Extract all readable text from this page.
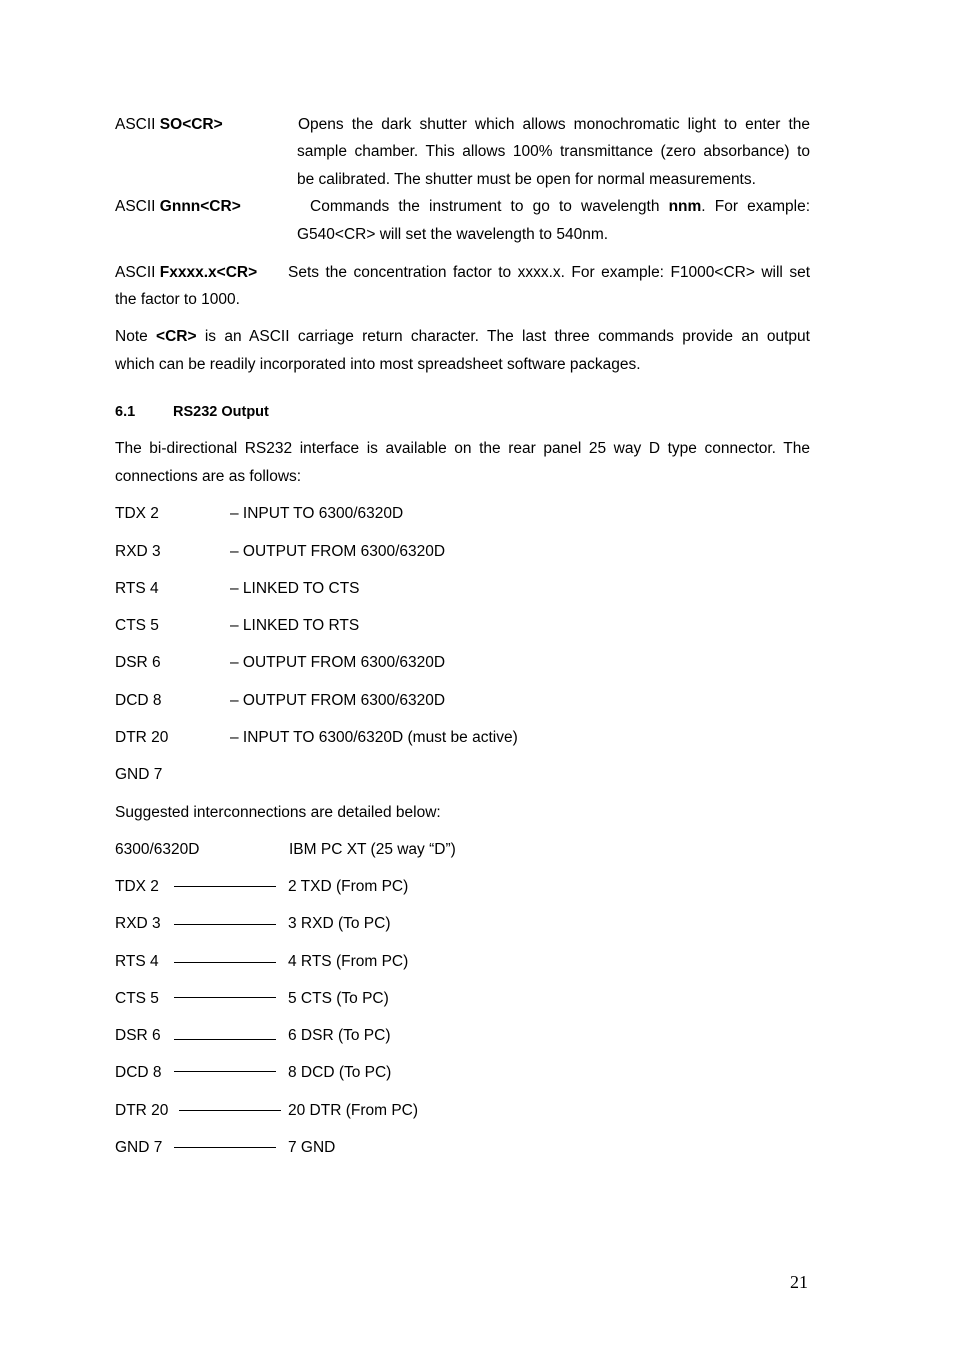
ASCII SO<CR>	Opens the dark shutter which allows monochromatic light to enter the
sample chamber. This allows 100% transmittance (zero absorbance) to
be calibrated. The shutter must be open for normal measurements.
ASCII Gnnn<CR>	Commands the instrument to go to wavelength nnm. For example:
G540<CR> will set the wavelength to 540nm.
ASCII Fxxxx.x<CR> Sets the concentration factor to xxxx.x. For example: F1000<CR> will set
the factor to 1000.
Note <CR> is an ASCII carriage return character. The last three commands provide an output
which can be readily incorporated into most spreadsheet software packages.
6.1	RS232 Output
The bi-directional RS232 interface is available on the rear panel 25 way D type connector. The
connections are as follows:
TDX 2	– INPUT TO 6300/6320D
RXD 3	– OUTPUT FROM 6300/6320D
RTS 4	– LINKED TO CTS
CTS 5	– LINKED TO RTS
DSR 6	– OUTPUT FROM 6300/6320D
DCD 8	– OUTPUT FROM 6300/6320D
DTR 20	– INPUT TO 6300/6320D (must be active)
GND 7
Suggested interconnections are detailed below:
6300/6320D	IBM PC XT (25 way “D”)
TDX 2	2 TXD (From PC)
RXD 3	3 RXD (To PC)
RTS 4	4 RTS (From PC)
CTS 5	5 CTS (To PC)
DSR 6	6 DSR (To PC)
DCD 8	8 DCD (To PC)
DTR 20	20 DTR (From PC)
GND 7	7 GND
21
